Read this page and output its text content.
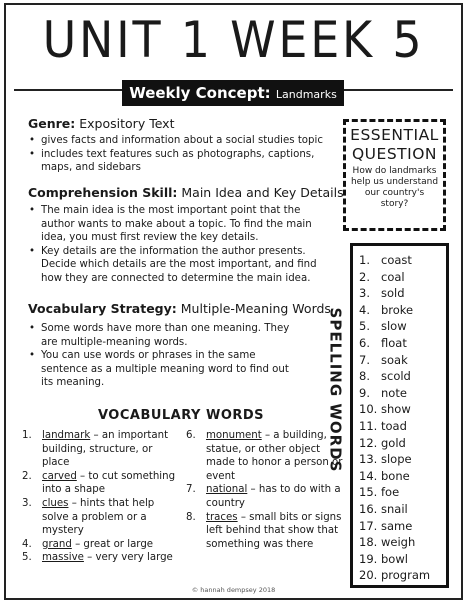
UNIT 1 WEEK 5
Weekly Concept: Landmarks
Genre: Expository Text
• gives facts and information about a social studies topic
• includes text features such as photographs, captions, maps, and sidebars
Comprehension Skill: Main Idea and Key Details
• The main idea is the most important point that the author wants to make about a topic. To find the main idea, you must first review the key details.
• Key details are the information the author presents. Decide which details are the most important, and find how they are connected to determine the main idea.
Vocabulary Strategy: Multiple-Meaning Words
• Some words have more than one meaning. They are multiple-meaning words.
• You can use words or phrases in the same sentence as a multiple meaning word to find out its meaning.
ESSENTIAL
QUESTION
How do landmarks help us understand our country's story?
SPELLING WORDS
1. coast
2. coal
3. sold
4. broke
5. slow
6. float
7. soak
8. scold
9. note
10. show
11. toad
12. gold
13. slope
14. bone
15. foe
16. snail
17. same
18. weigh
19. bowl
20. program
VOCABULARY WORDS
1. landmark – an important building, structure, or place
2. carved – to cut something into a shape
3. clues – hints that help solve a problem or a mystery
4. grand – great or large
5. massive – very very large
6. monument – a building, statue, or other object made to honor a person or event
7. national – has to do with a country
8. traces – small bits or signs left behind that show that something was there
© hannah dempsey 2018
